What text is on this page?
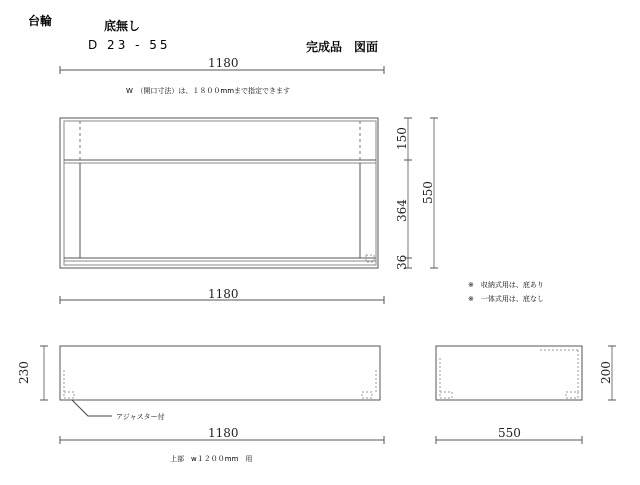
台輪	底無し
D 23 - 55	完成品　図面
1180
W　（開口寸法）は、１８００mmまで指定できます
150
364
36
550
1180
※　収納式用は、底あり
※　一体式用は、底なし
230
アジャスター付
1180
上部　w１２００mm　用
200
550
